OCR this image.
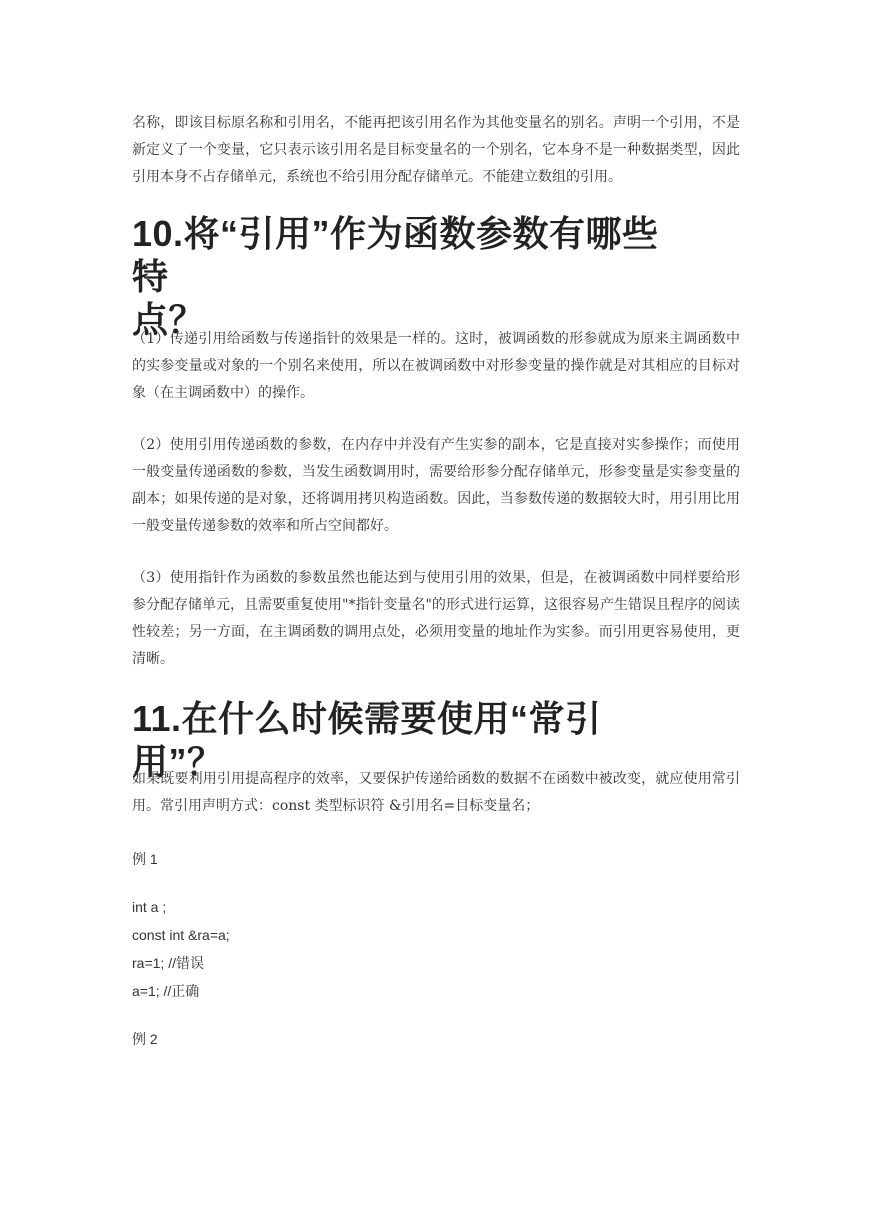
名称，即该目标原名称和引用名，不能再把该引用名作为其他变量名的别名。声明一个引用，不是新定义了一个变量，它只表示该引用名是目标变量名的一个别名，它本身不是一种数据类型，因此引用本身不占存储单元，系统也不给引用分配存储单元。不能建立数组的引用。

10.将“引用”作为函数参数有哪些特
点？

（1）传递引用给函数与传递指针的效果是一样的。这时，被调函数的形参就成为原来主调函数中的实参变量或对象的一个别名来使用，所以在被调函数中对形参变量的操作就是对其相应的目标对象（在主调函数中）的操作。

（2）使用引用传递函数的参数，在内存中并没有产生实参的副本，它是直接对实参操作；而使用一般变量传递函数的参数，当发生函数调用时，需要给形参分配存储单元，形参变量是实参变量的副本；如果传递的是对象，还将调用拷贝构造函数。因此，当参数传递的数据较大时，用引用比用一般变量传递参数的效率和所占空间都好。

（3）使用指针作为函数的参数虽然也能达到与使用引用的效果，但是，在被调函数中同样要给形参分配存储单元，且需要重复使用"*指针变量名"的形式进行运算，这很容易产生错误且程序的阅读性较差；另一方面，在主调函数的调用点处，必须用变量的地址作为实参。而引用更容易使用，更清晰。

11.在什么时候需要使用“常引用”？

如果既要利用引用提高程序的效率，又要保护传递给函数的数据不在函数中被改变，就应使用常引用。常引用声明方式：const 类型标识符 &引用名=目标变量名；

例 1
int a ;
const int &ra=a;
ra=1; //错误
a=1; //正确
例 2
